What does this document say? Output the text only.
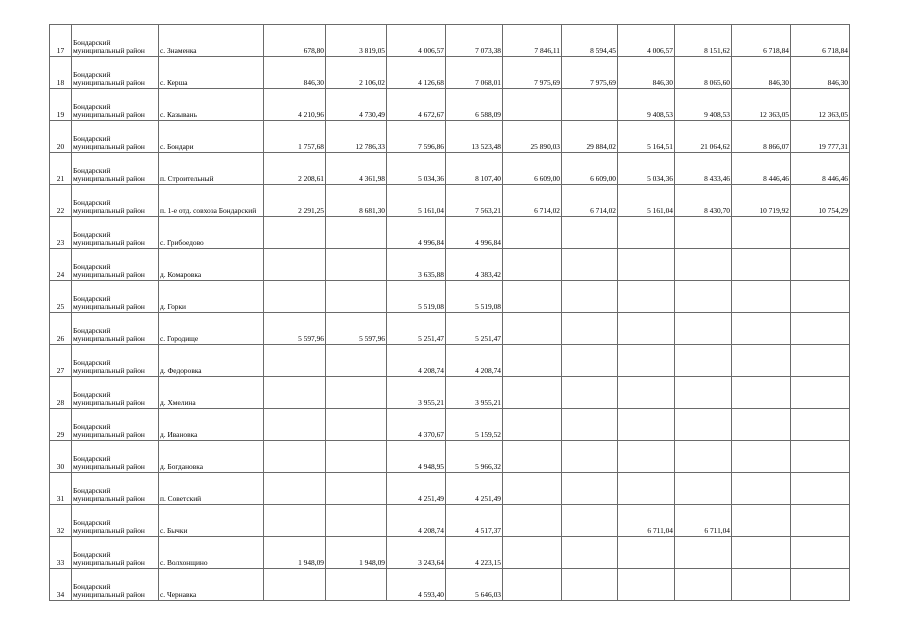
17	Бондарский муниципальный район	с. Знаменка	678,80	3 819,05	4 006,57	7 073,38	7 846,11	8 594,45	4 006,57	8 151,62	6 718,84	6 718,84
18	Бондарский муниципальный район	с. Керша	846,30	2 106,02	4 126,68	7 068,01	7 975,69	7 975,69	846,30	8 065,60	846,30	846,30
19	Бондарский муниципальный район	с. Казывань	4 210,96	4 730,49	4 672,67	6 588,09			9 408,53	9 408,53	12 363,05	12 363,05
20	Бондарский муниципальный район	с. Бондари	1 757,68	12 786,33	7 596,86	13 523,48	25 890,03	29 884,02	5 164,51	21 064,62	8 866,07	19 777,31
21	Бондарский муниципальный район	п. Строительный	2 208,61	4 361,98	5 034,36	8 107,40	6 609,00	6 609,00	5 034,36	8 433,46	8 446,46	8 446,46
22	Бондарский муниципальный район	п. 1-е отд. совхоза Бондарский	2 291,25	8 681,30	5 161,04	7 563,21	6 714,02	6 714,02	5 161,04	8 430,70	10 719,92	10 754,29
23	Бондарский муниципальный район	с. Грибоедово			4 996,84	4 996,84						
24	Бондарский муниципальный район	д. Комаровка			3 635,88	4 383,42						
25	Бондарский муниципальный район	д. Горки			5 519,08	5 519,08						
26	Бондарский муниципальный район	с. Городище	5 597,96	5 597,96	5 251,47	5 251,47						
27	Бондарский муниципальный район	д. Федоровка			4 208,74	4 208,74						
28	Бондарский муниципальный район	д. Хмелина			3 955,21	3 955,21						
29	Бондарский муниципальный район	д. Ивановка			4 370,67	5 159,52						
30	Бондарский муниципальный район	д. Богдановка			4 948,95	5 966,32						
31	Бондарский муниципальный район	п. Советский			4 251,49	4 251,49						
32	Бондарский муниципальный район	с. Бычки			4 208,74	4 517,37			6 711,04	6 711,04		
33	Бондарский муниципальный район	с. Волхонщино	1 948,09	1 948,09	3 243,64	4 223,15						
34	Бондарский муниципальный район	с. Чернавка			4 593,40	5 646,03						
